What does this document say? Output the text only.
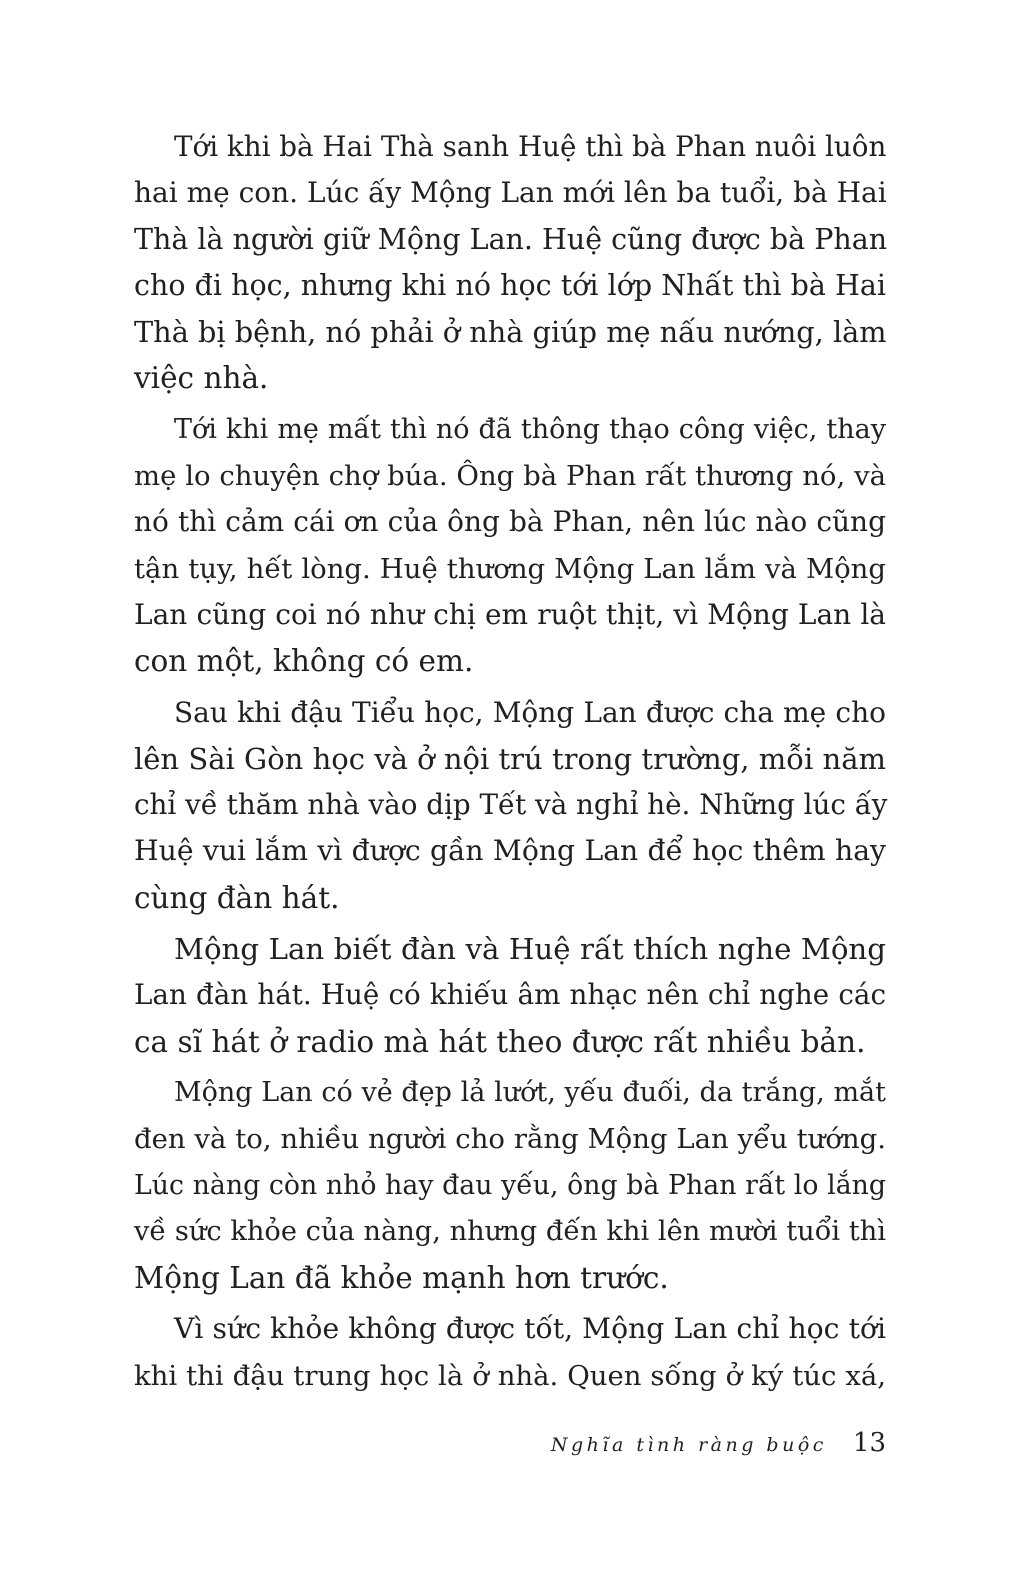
Tới khi bà Hai Thà sanh Huệ thì bà Phan nuôi luôn
hai mẹ con. Lúc ấy Mộng Lan mới lên ba tuổi, bà Hai
Thà là người giữ Mộng Lan. Huệ cũng được bà Phan
cho đi học, nhưng khi nó học tới lớp Nhất thì bà Hai
Thà bị bệnh, nó phải ở nhà giúp mẹ nấu nướng, làm
việc nhà.

Tới khi mẹ mất thì nó đã thông thạo công việc, thay
mẹ lo chuyện chợ búa. Ông bà Phan rất thương nó, và
nó thì cảm cái ơn của ông bà Phan, nên lúc nào cũng
tận tụy, hết lòng. Huệ thương Mộng Lan lắm và Mộng
Lan cũng coi nó như chị em ruột thịt, vì Mộng Lan là
con một, không có em.

Sau khi đậu Tiểu học, Mộng Lan được cha mẹ cho
lên Sài Gòn học và ở nội trú trong trường, mỗi năm
chỉ về thăm nhà vào dịp Tết và nghỉ hè. Những lúc ấy
Huệ vui lắm vì được gần Mộng Lan để học thêm hay
cùng đàn hát.

Mộng Lan biết đàn và Huệ rất thích nghe Mộng
Lan đàn hát. Huệ có khiếu âm nhạc nên chỉ nghe các
ca sĩ hát ở radio mà hát theo được rất nhiều bản.

Mộng Lan có vẻ đẹp lả lướt, yếu đuối, da trắng, mắt
đen và to, nhiều người cho rằng Mộng Lan yểu tướng.
Lúc nàng còn nhỏ hay đau yếu, ông bà Phan rất lo lắng
về sức khỏe của nàng, nhưng đến khi lên mười tuổi thì
Mộng Lan đã khỏe mạnh hơn trước.

Vì sức khỏe không được tốt, Mộng Lan chỉ học tới
khi thi đậu trung học là ở nhà. Quen sống ở ký túc xá,

Nghĩa tình ràng buộc 13
